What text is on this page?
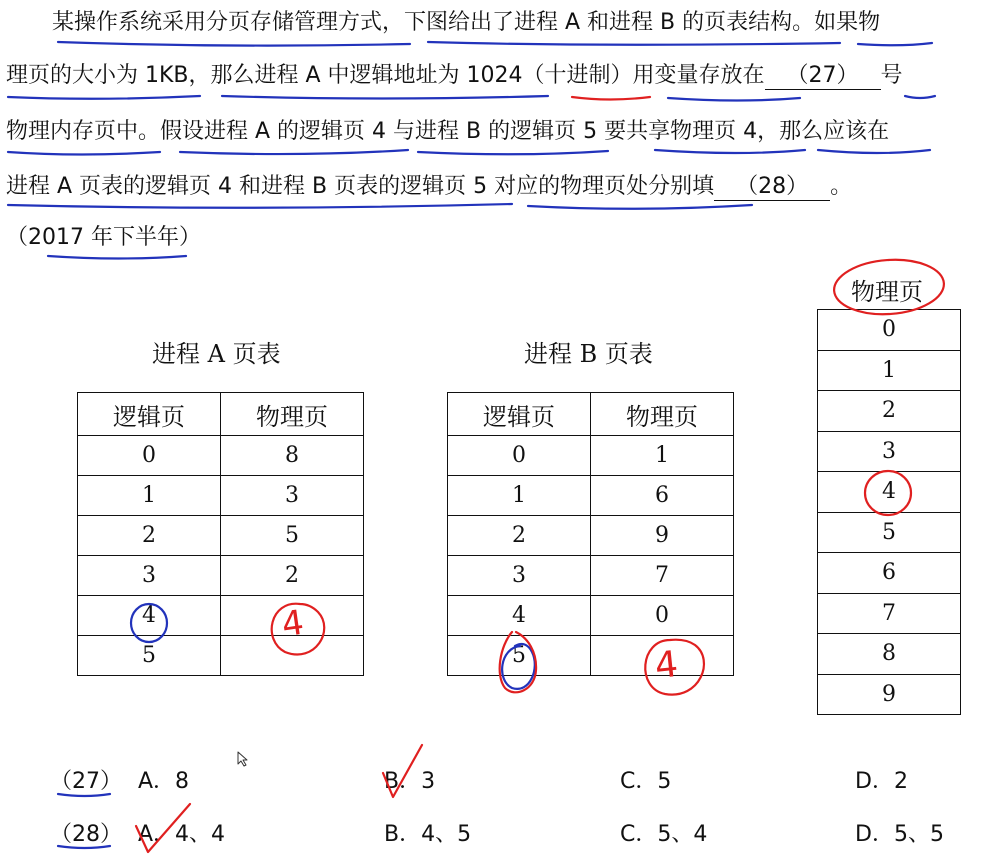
某操作系统采用分页存储管理方式，下图给出了进程 A 和进程 B 的页表结构。如果物
理页的大小为 1KB，那么进程 A 中逻辑地址为 1024（十进制）用变量存放在 （27） 号
物理内存页中。假设进程 A 的逻辑页 4 与进程 B 的逻辑页 5 要共享物理页 4，那么应该在
进程 A 页表的逻辑页 4 和进程 B 页表的逻辑页 5 对应的物理页处分别填 （28） 。
（2017 年下半年）
进程 A 页表	进程 B 页表
物理页
逻辑页	物理页
0	8
1	3
2	5
3	2
4	
5	
逻辑页	物理页
0	1
1	6
2	9
3	7
4	0
5	
0
1
2
3
4
5
6
7
8
9
4
4
（27） A．8	B．3	C．5	D．2
（28） A．4、4	B．4、5	C．5、4	D．5、5
